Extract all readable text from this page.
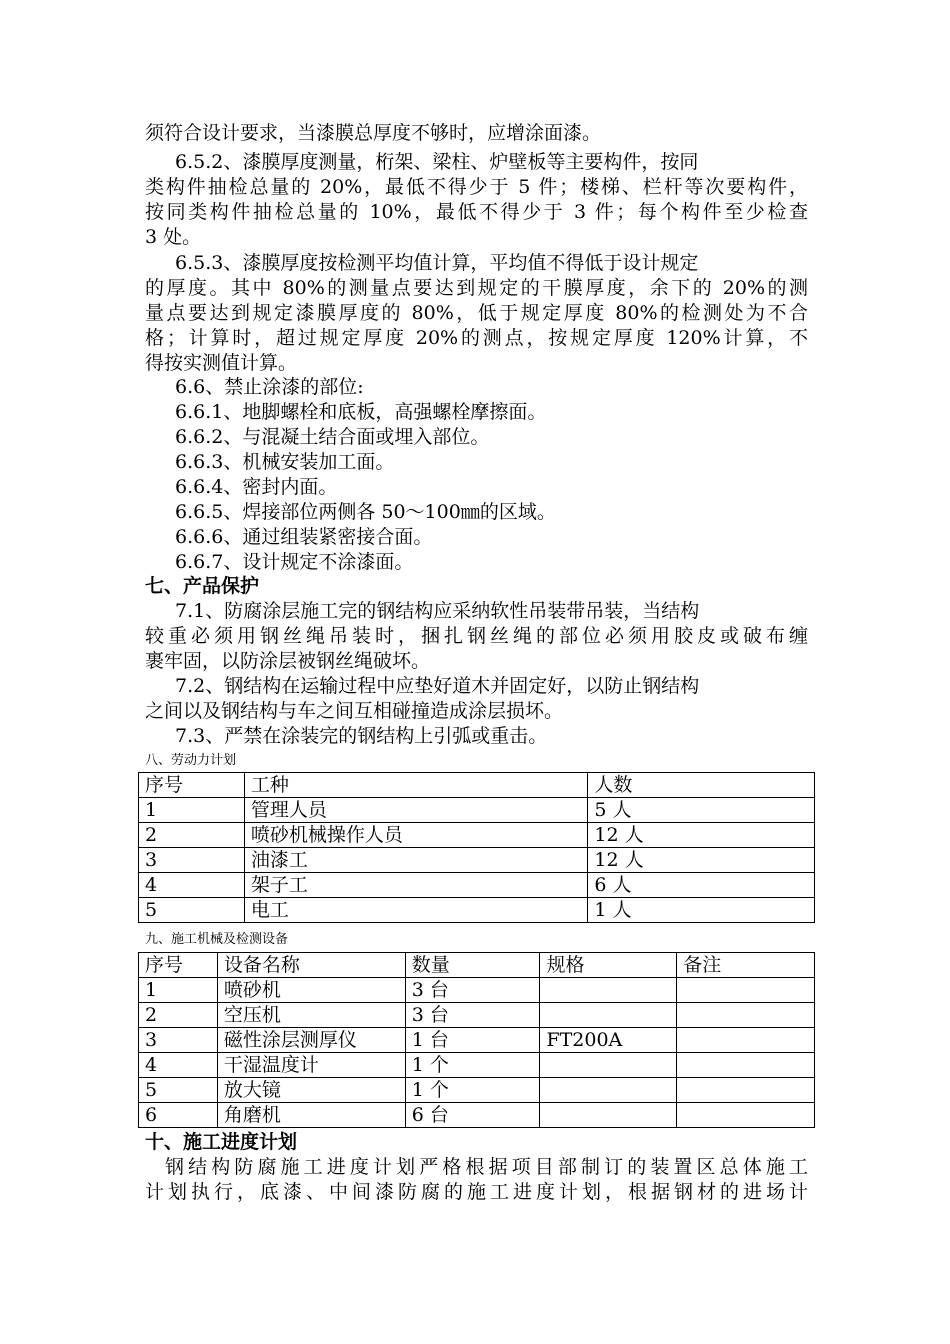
须符合设计要求，当漆膜总厚度不够时，应增涂面漆。
6.5.2、漆膜厚度测量，桁架、梁柱、炉壁板等主要构件，按同
类构件抽检总量的 20%，最低不得少于 5 件；楼梯、栏杆等次要构件，
按同类构件抽检总量的 10%，最低不得少于 3 件；每个构件至少检查
3 处。
6.5.3、漆膜厚度按检测平均值计算，平均值不得低于设计规定
的厚度。其中 80%的测量点要达到规定的干膜厚度，余下的 20%的测
量点要达到规定漆膜厚度的 80%，低于规定厚度 80%的检测处为不合
格；计算时，超过规定厚度 20%的测点，按规定厚度 120%计算，不
得按实测值计算。
6.6、禁止涂漆的部位:
6.6.1、地脚螺栓和底板，高强螺栓摩擦面。
6.6.2、与混凝土结合面或埋入部位。
6.6.3、机械安装加工面。
6.6.4、密封内面。
6.6.5、焊接部位两侧各 50～100㎜的区域。
6.6.6、通过组装紧密接合面。
6.6.7、设计规定不涂漆面。
七、产品保护
7.1、防腐涂层施工完的钢结构应采纳软性吊装带吊装，当结构
较重必须用钢丝绳吊装时，捆扎钢丝绳的部位必须用胶皮或破布缠
裹牢固，以防涂层被钢丝绳破坏。
7.2、钢结构在运输过程中应垫好道木并固定好，以防止钢结构
之间以及钢结构与车之间互相碰撞造成涂层损坏。
7.3、严禁在涂装完的钢结构上引弧或重击。
八、劳动力计划
序号	工种	人数
1	管理人员	5 人
2	喷砂机械操作人员	12 人
3	油漆工	12 人
4	架子工	6 人
5	电工	1 人
九、施工机械及检测设备
序号	设备名称	数量	规格	备注
1	喷砂机	3 台		
2	空压机	3 台		
3	磁性涂层测厚仪	1 台	FT200A	
4	干湿温度计	1 个		
5	放大镜	1 个		
6	角磨机	6 台		
十、施工进度计划
钢结构防腐施工进度计划严格根据项目部制订的装置区总体施工
计划执行，底漆、中间漆防腐的施工进度计划，根据钢材的进场计
